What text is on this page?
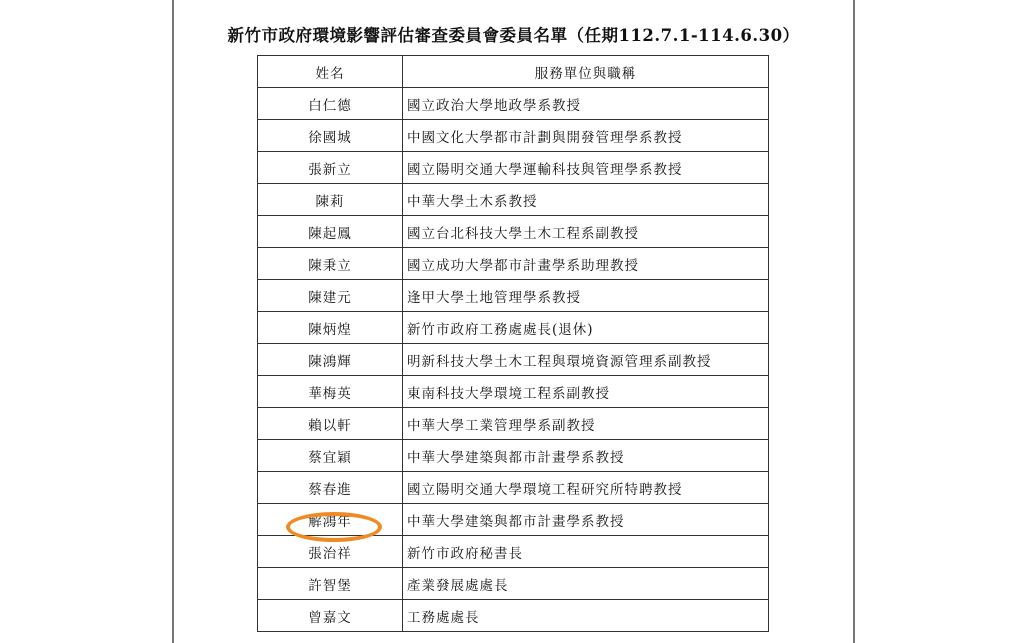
新竹市政府環境影響評估審查委員會委員名單（任期112.7.1-114.6.30）
姓名	服務單位與職稱
白仁德	國立政治大學地政學系教授
徐國城	中國文化大學都市計劃與開發管理學系教授
張新立	國立陽明交通大學運輸科技與管理學系教授
陳莉	中華大學土木系教授
陳起鳳	國立台北科技大學土木工程系副教授
陳秉立	國立成功大學都市計畫學系助理教授
陳建元	逢甲大學土地管理學系教授
陳炳煌	新竹市政府工務處處長(退休)
陳鴻輝	明新科技大學土木工程與環境資源管理系副教授
華梅英	東南科技大學環境工程系副教授
賴以軒	中華大學工業管理學系副教授
蔡宜穎	中華大學建築與都市計畫學系教授
蔡春進	國立陽明交通大學環境工程研究所特聘教授
解鴻年	中華大學建築與都市計畫學系教授
張治祥	新竹市政府秘書長
許智堡	產業發展處處長
曾嘉文	工務處處長
